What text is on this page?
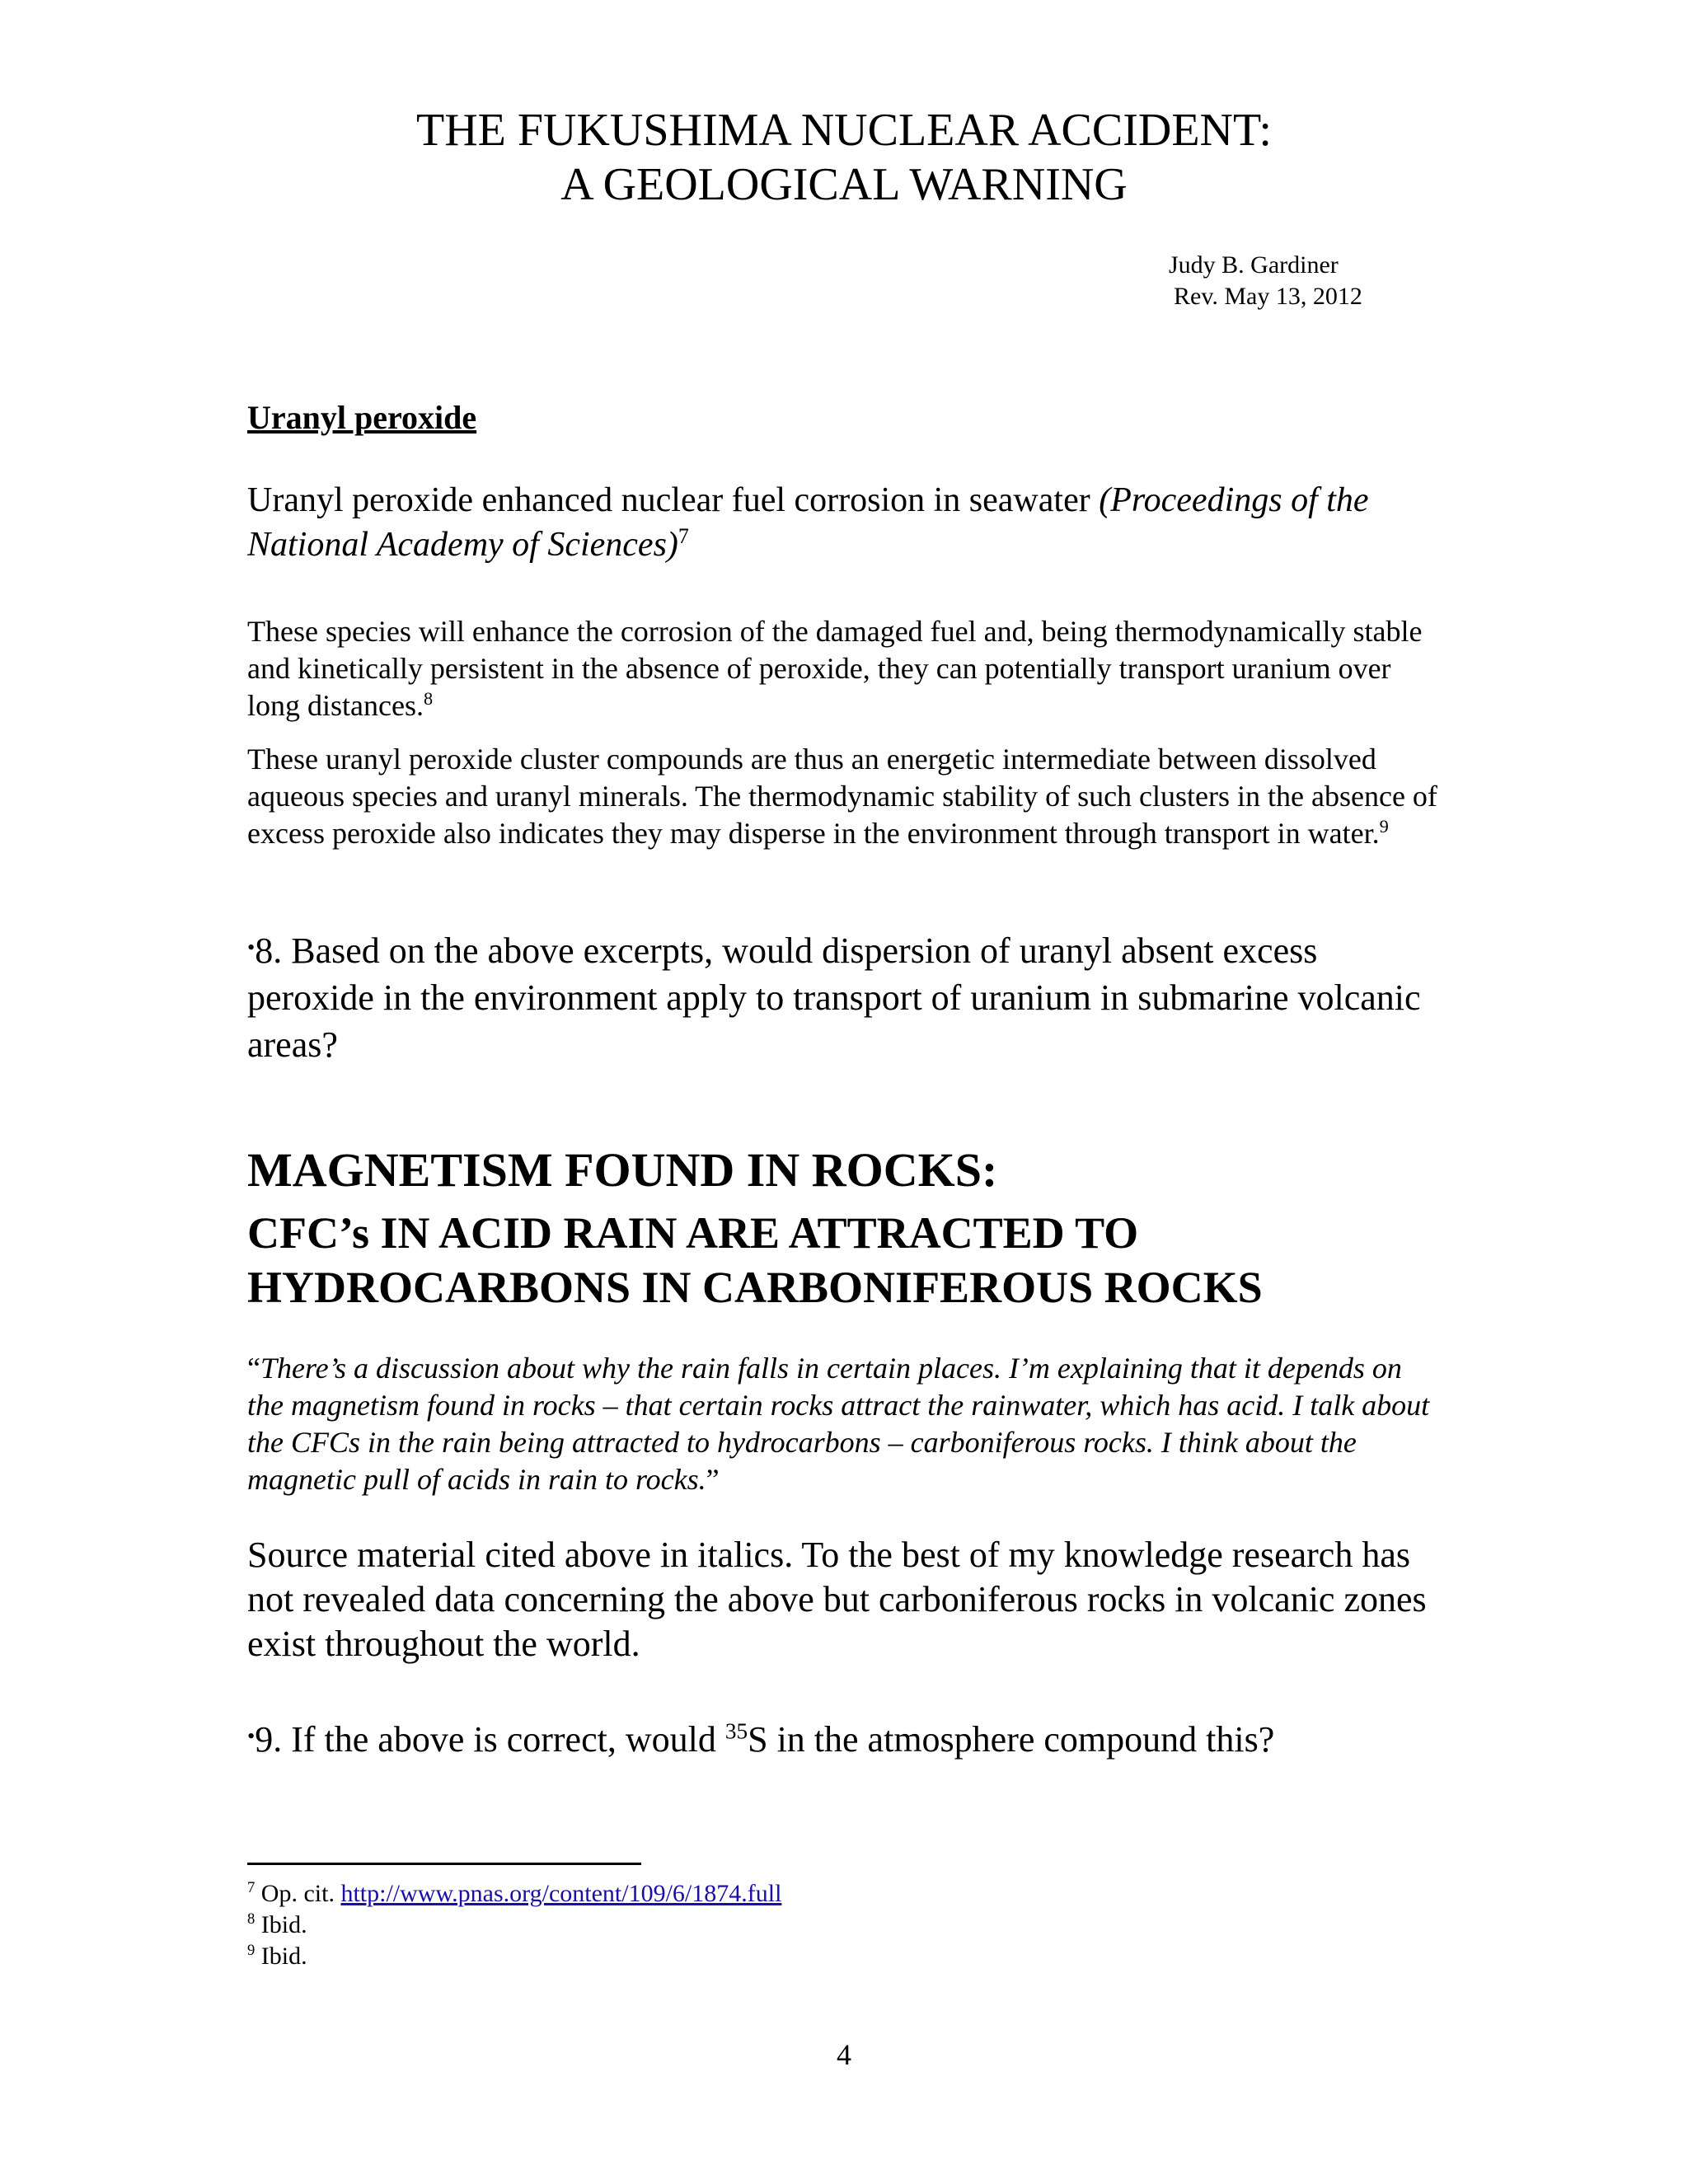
THE FUKUSHIMA NUCLEAR ACCIDENT:
A GEOLOGICAL WARNING
Judy B. Gardiner
Rev. May 13, 2012
Uranyl peroxide
Uranyl peroxide enhanced nuclear fuel corrosion in seawater (Proceedings of the National Academy of Sciences)$^7$
These species will enhance the corrosion of the damaged fuel and, being thermodynamically stable and kinetically persistent in the absence of peroxide, they can potentially transport uranium over long distances.$^8$
These uranyl peroxide cluster compounds are thus an energetic intermediate between dissolved aqueous species and uranyl minerals. The thermodynamic stability of such clusters in the absence of excess peroxide also indicates they may disperse in the environment through transport in water.$^9$
•8. Based on the above excerpts, would dispersion of uranyl absent excess peroxide in the environment apply to transport of uranium in submarine volcanic areas?
MAGNETISM FOUND IN ROCKS:
CFC’s IN ACID RAIN ARE ATTRACTED TO
HYDROCARBONS IN CARBONIFEROUS ROCKS
“There’s a discussion about why the rain falls in certain places. I’m explaining that it depends on the magnetism found in rocks – that certain rocks attract the rainwater, which has acid. I talk about the CFCs in the rain being attracted to hydrocarbons – carboniferous rocks. I think about the magnetic pull of acids in rain to rocks.”
Source material cited above in italics. To the best of my knowledge research has not revealed data concerning the above but carboniferous rocks in volcanic zones exist throughout the world.
•9. If the above is correct, would $^{35}$S in the atmosphere compound this?
$^7$ Op. cit. http://www.pnas.org/content/109/6/1874.full
$^8$ Ibid.
$^9$ Ibid.
4
